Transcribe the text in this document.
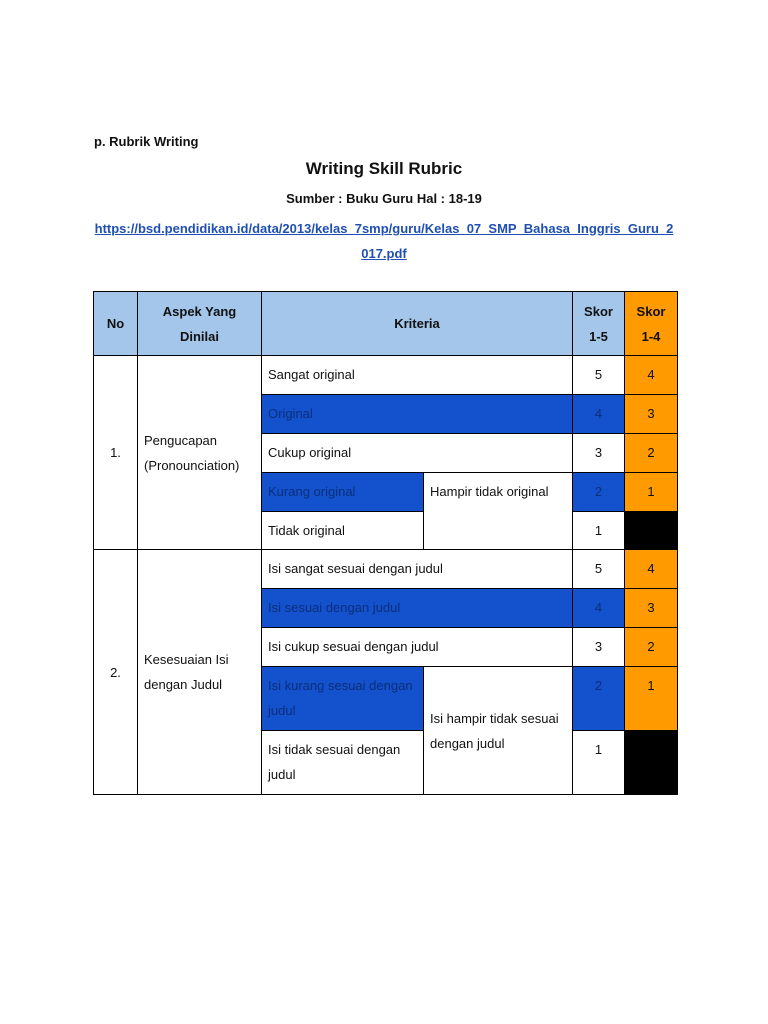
p. Rubrik Writing
Writing Skill Rubric
Sumber : Buku Guru Hal : 18-19
https://bsd.pendidikan.id/data/2013/kelas_7smp/guru/Kelas_07_SMP_Bahasa_Inggris_Guru_2017.pdf
No	Aspek Yang Dinilai	Kriteria		Skor 1-5	Skor 1-4
1.	Pengucapan (Pronounciation)	Sangat original		5	4
		Original		4	3
		Cukup original		3	2
		Kurang original	Hampir tidak original	2	1
		Tidak original		1	
2.	Kesesuaian Isi dengan Judul	Isi sangat sesuai dengan judul		5	4
		Isi sesuai dengan judul		4	3
		Isi cukup sesuai dengan judul		3	2
		Isi kurang sesuai dengan judul	Isi hampir tidak sesuai dengan judul	2	1
		Isi tidak sesuai dengan judul		1	
